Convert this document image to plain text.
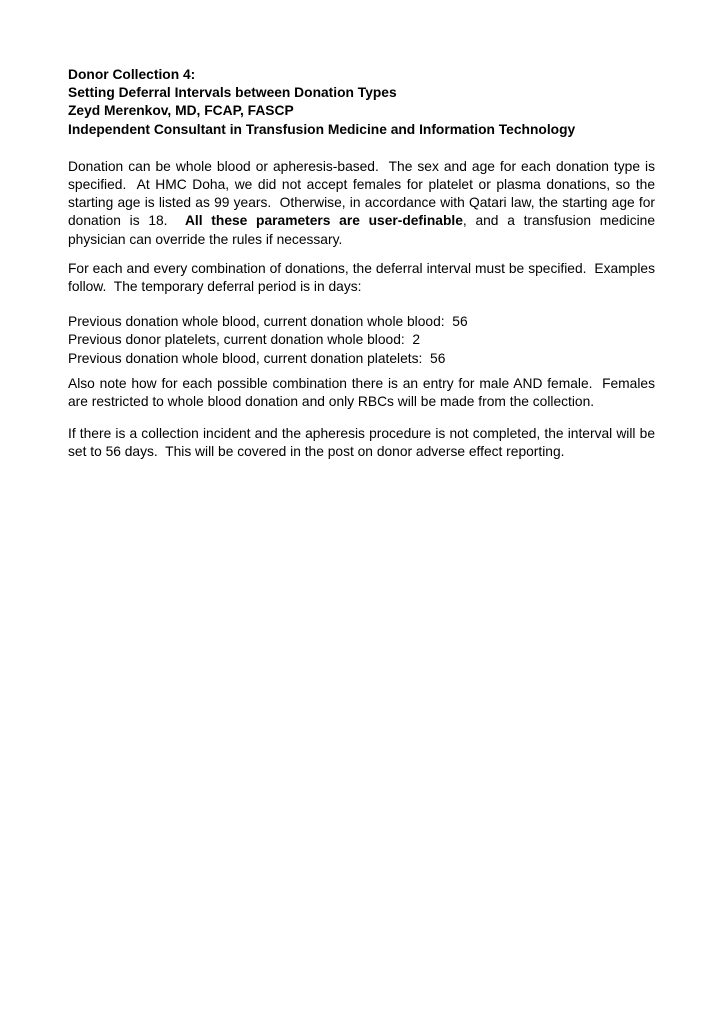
Donor Collection 4:
Setting Deferral Intervals between Donation Types
Zeyd Merenkov, MD, FCAP, FASCP
Independent Consultant in Transfusion Medicine and Information Technology

Donation can be whole blood or apheresis-based.  The sex and age for each donation type is specified.  At HMC Doha, we did not accept females for platelet or plasma donations, so the starting age is listed as 99 years.  Otherwise, in accordance with Qatari law, the starting age for donation is 18.  All these parameters are user-definable, and a transfusion medicine physician can override the rules if necessary.

For each and every combination of donations, the deferral interval must be specified.  Examples follow.  The temporary deferral period is in days:

Previous donation whole blood, current donation whole blood:  56
Previous donor platelets, current donation whole blood:  2
Previous donation whole blood, current donation platelets:  56

Also note how for each possible combination there is an entry for male AND female.  Females are restricted to whole blood donation and only RBCs will be made from the collection.

If there is a collection incident and the apheresis procedure is not completed, the interval will be set to 56 days.  This will be covered in the post on donor adverse effect reporting.
